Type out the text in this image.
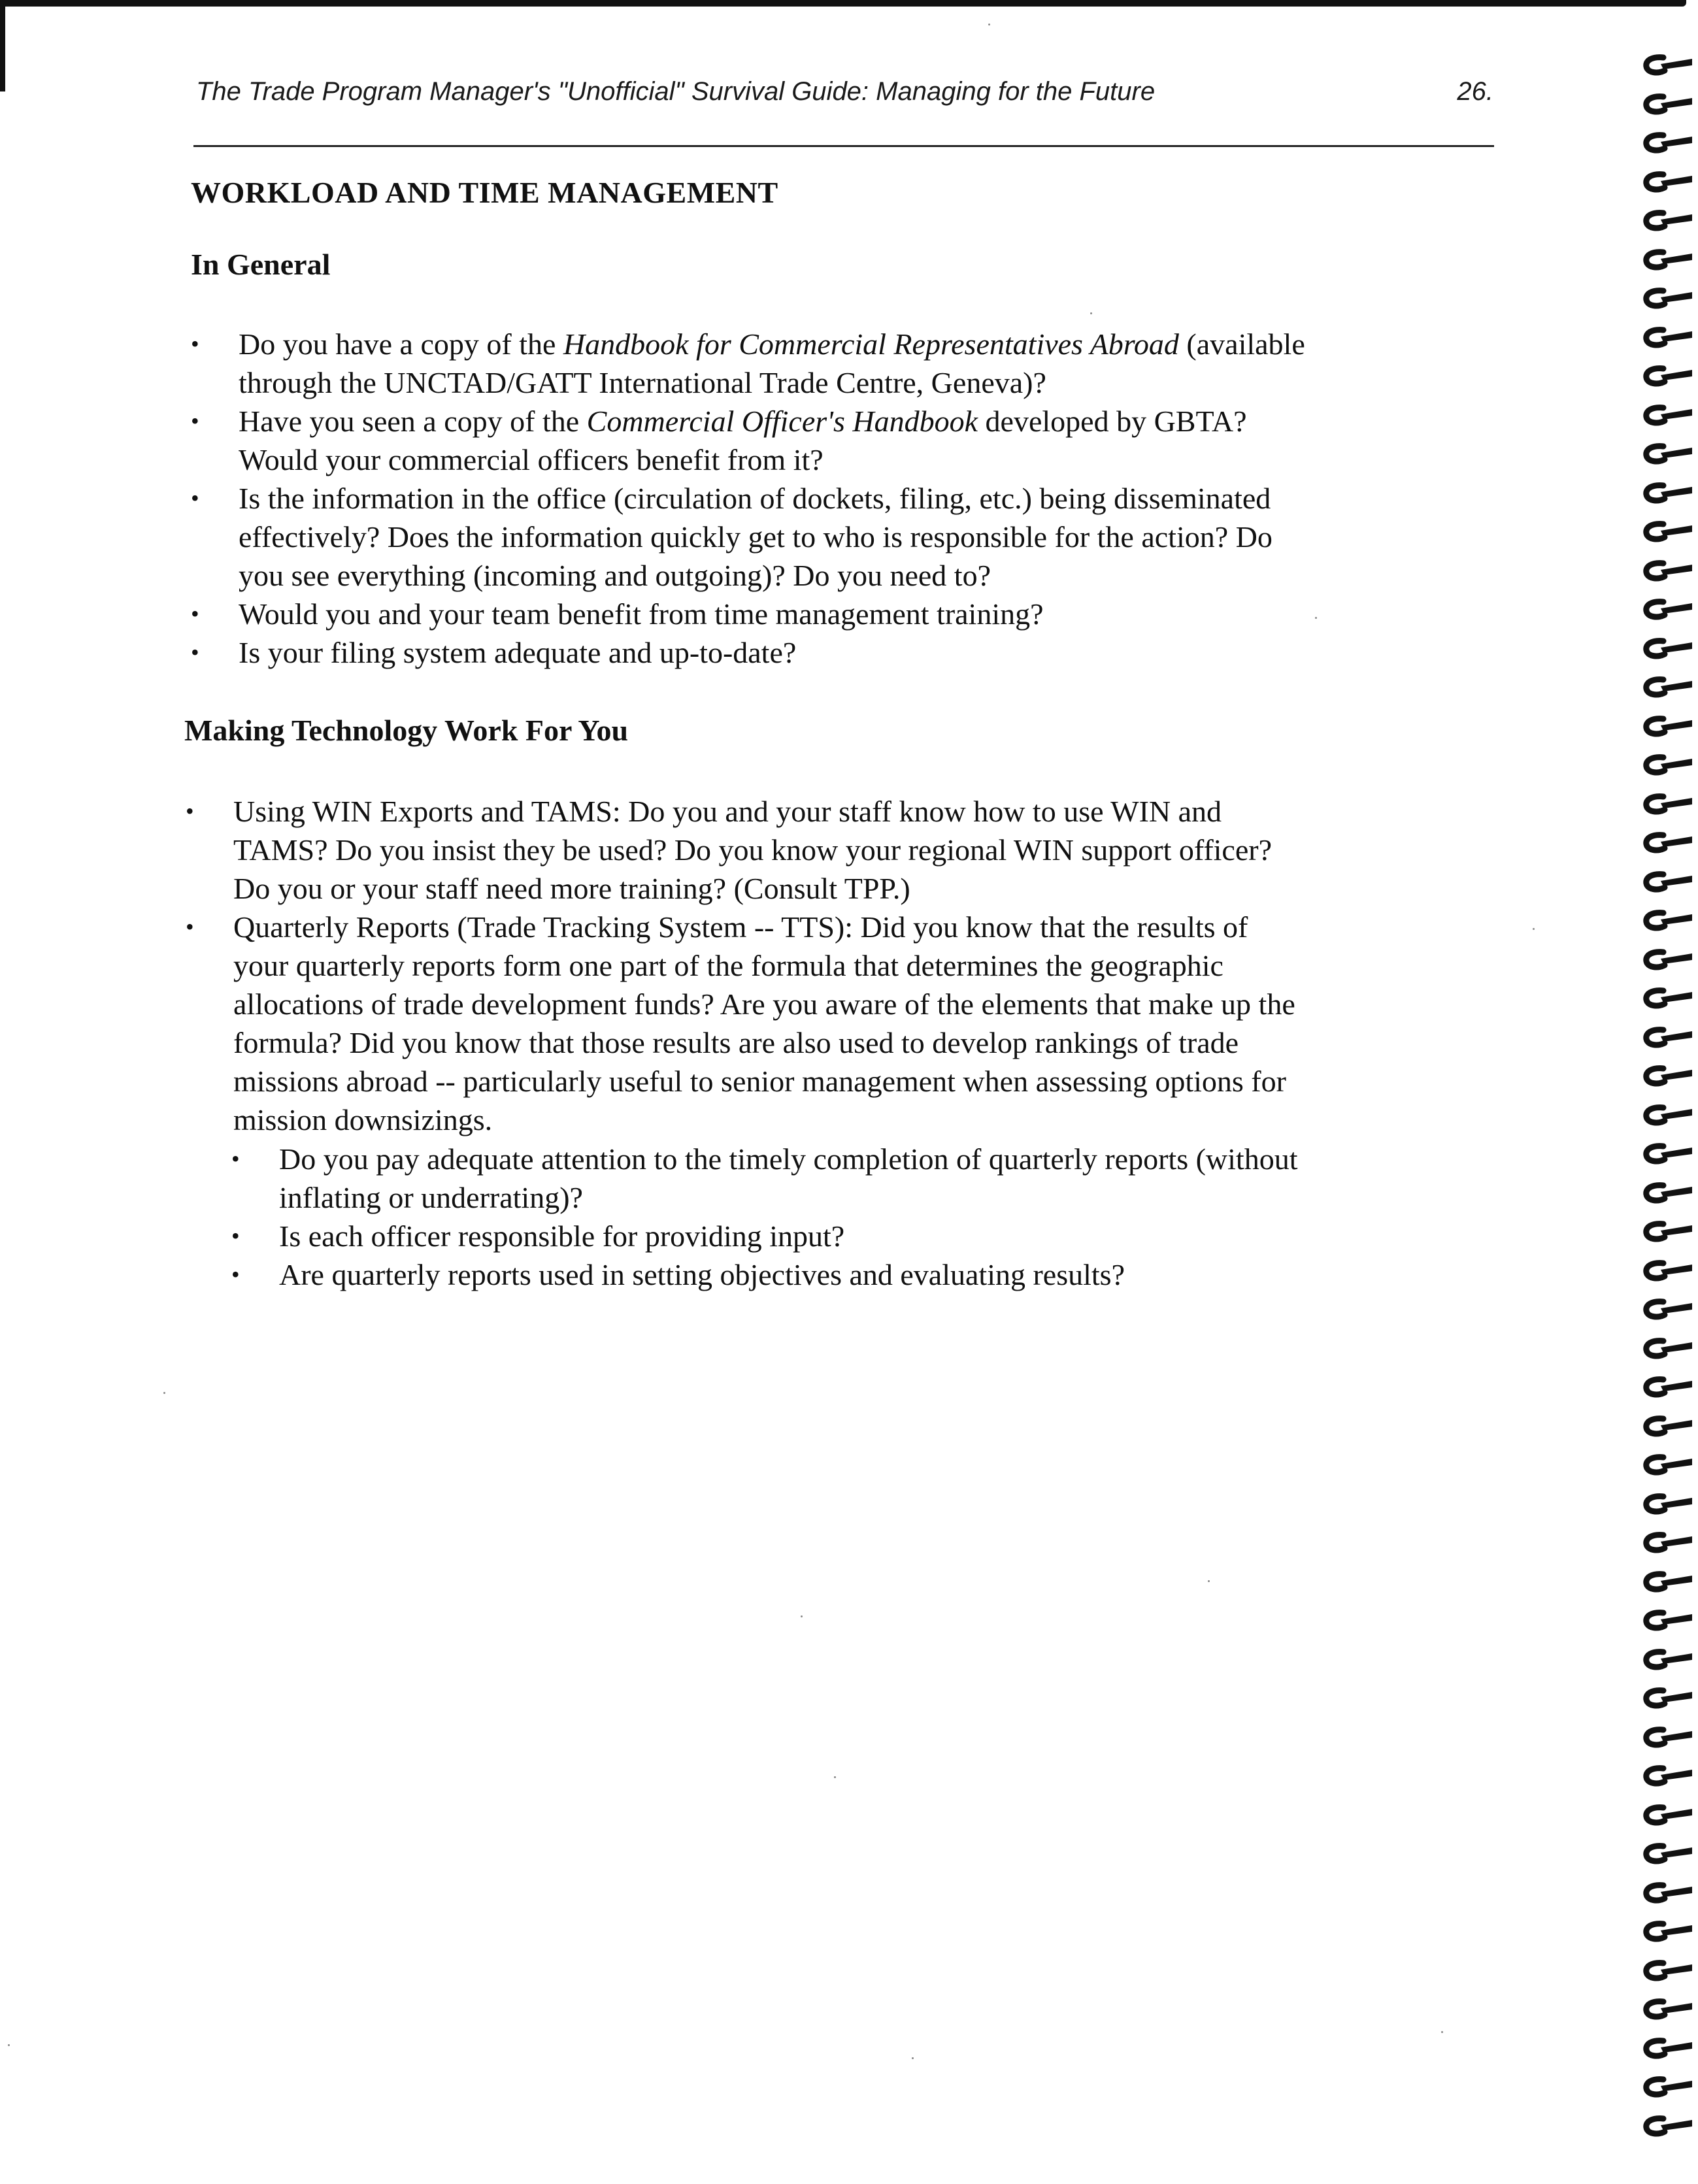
The Trade Program Manager's "Unofficial" Survival Guide: Managing for the Future	26.
WORKLOAD AND TIME MANAGEMENT
In General
•
Do you have a copy of the Handbook for Commercial Representatives Abroad (available
through the UNCTAD/GATT International Trade Centre, Geneva)?
•
Have you seen a copy of the Commercial Officer's Handbook developed by GBTA?
Would your commercial officers benefit from it?
•
Is the information in the office (circulation of dockets, filing, etc.) being disseminated
effectively? Does the information quickly get to who is responsible for the action? Do
you see everything (incoming and outgoing)? Do you need to?
•
Would you and your team benefit from time management training?
•
Is your filing system adequate and up-to-date?
Making Technology Work For You
•
Using WIN Exports and TAMS: Do you and your staff know how to use WIN and
TAMS? Do you insist they be used? Do you know your regional WIN support officer?
Do you or your staff need more training? (Consult TPP.)
•
Quarterly Reports (Trade Tracking System -- TTS): Did you know that the results of
your quarterly reports form one part of the formula that determines the geographic
allocations of trade development funds? Are you aware of the elements that make up the
formula? Did you know that those results are also used to develop rankings of trade
missions abroad -- particularly useful to senior management when assessing options for
mission downsizings.
•
Do you pay adequate attention to the timely completion of quarterly reports (without
inflating or underrating)?
•
Is each officer responsible for providing input?
•
Are quarterly reports used in setting objectives and evaluating results?
